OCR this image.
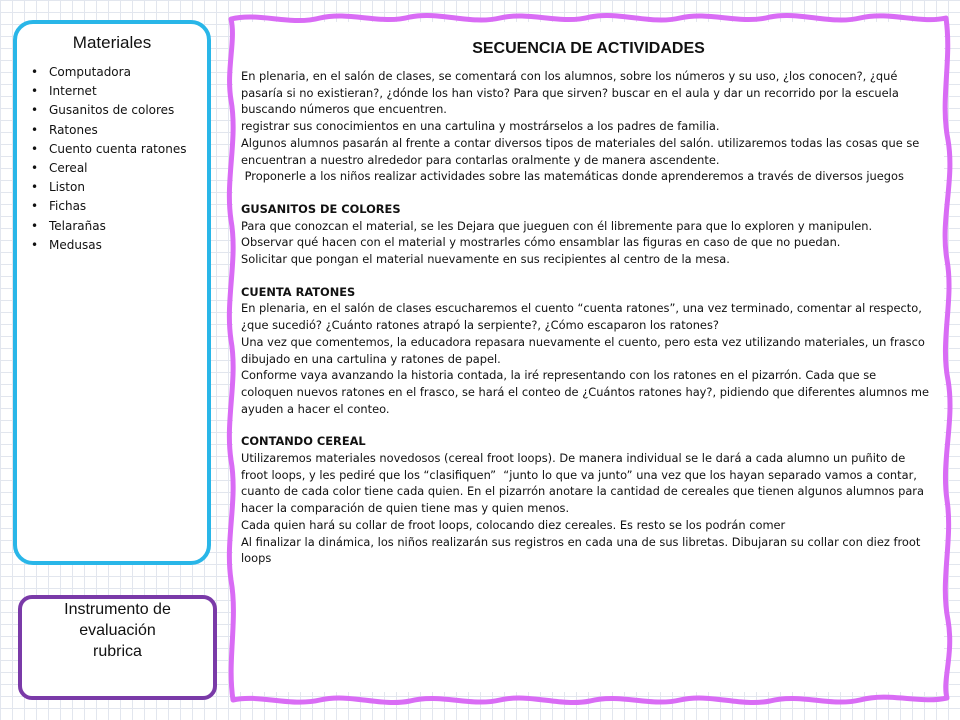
Materiales
• Computadora
• Internet
• Gusanitos de colores
• Ratones
• Cuento cuenta ratones
• Cereal
• Liston
• Fichas
• Telarañas
• Medusas
Instrumento de
evaluación
rubrica
SECUENCIA DE ACTIVIDADES

En plenaria, en el salón de clases, se comentará con los alumnos, sobre los números y su uso, ¿los conocen?, ¿qué pasaría si no existieran?, ¿dónde los han visto? Para que sirven? buscar en el aula y dar un recorrido por la escuela buscando números que encuentren.

registrar sus conocimientos en una cartulina y mostrárselos a los padres de familia.

Algunos alumnos pasarán al frente a contar diversos tipos de materiales del salón. utilizaremos todas las cosas que se encuentran a nuestro alrededor para contarlas oralmente y de manera ascendente.

Proponerle a los niños realizar actividades sobre las matemáticas donde aprenderemos a través de diversos juegos

GUSANITOS DE COLORES

Para que conozcan el material, se les Dejara que jueguen con él libremente para que lo exploren y manipulen.

Observar qué hacen con el material y mostrarles cómo ensamblar las figuras en caso de que no puedan.

Solicitar que pongan el material nuevamente en sus recipientes al centro de la mesa.

CUENTA RATONES

En plenaria, en el salón de clases escucharemos el cuento “cuenta ratones”, una vez terminado, comentar al respecto, ¿que sucedió? ¿Cuánto ratones atrapó la serpiente?, ¿Cómo escaparon los ratones?

Una vez que comentemos, la educadora repasara nuevamente el cuento, pero esta vez utilizando materiales, un frasco dibujado en una cartulina y ratones de papel.

Conforme vaya avanzando la historia contada, la iré representando con los ratones en el pizarrón. Cada que se coloquen nuevos ratones en el frasco, se hará el conteo de ¿Cuántos ratones hay?, pidiendo que diferentes alumnos me ayuden a hacer el conteo.

CONTANDO CEREAL

Utilizaremos materiales novedosos (cereal froot loops). De manera individual se le dará a cada alumno un puñito de froot loops, y les pediré que los “clasifiquen”  “junto lo que va junto” una vez que los hayan separado vamos a contar, cuanto de cada color tiene cada quien. En el pizarrón anotare la cantidad de cereales que tienen algunos alumnos para hacer la comparación de quien tiene mas y quien menos.

Cada quien hará su collar de froot loops, colocando diez cereales. Es resto se los podrán comer

Al finalizar la dinámica, los niños realizarán sus registros en cada una de sus libretas. Dibujaran su collar con diez froot loops
